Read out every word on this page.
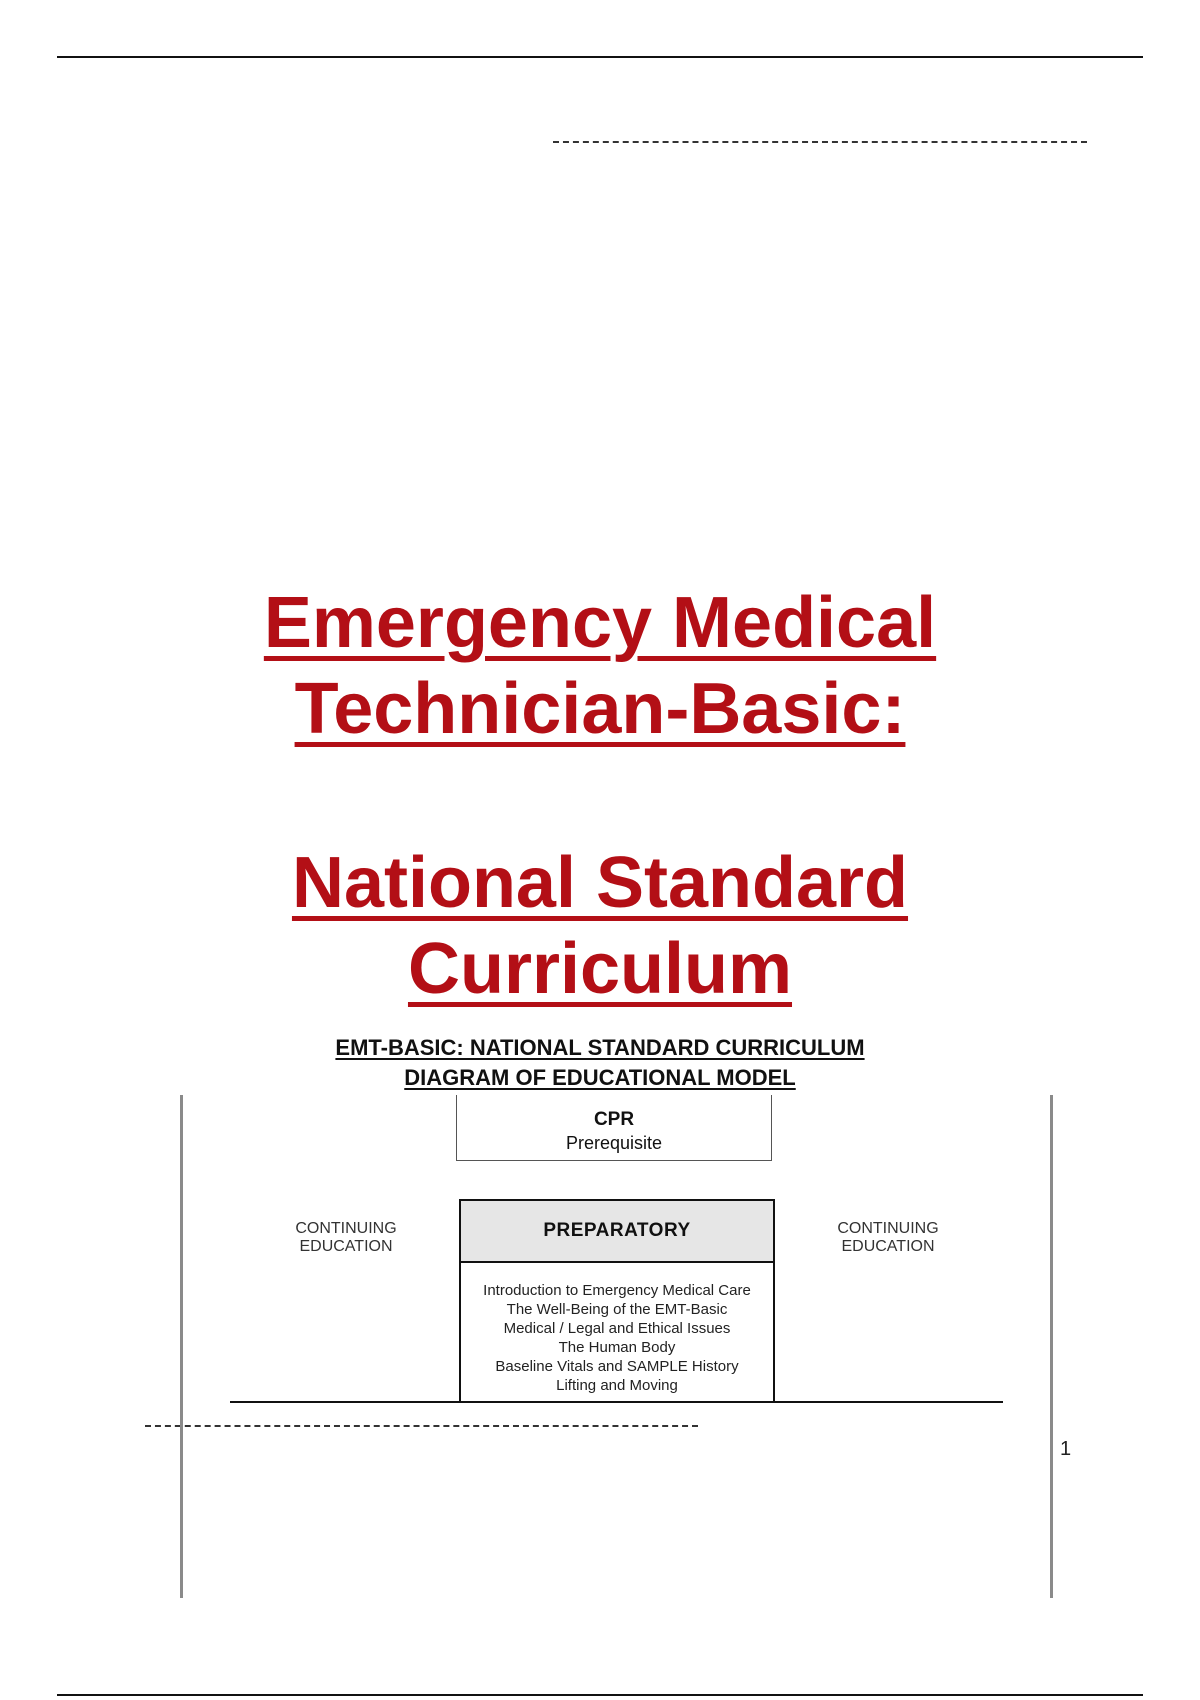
Emergency Medical
Technician-Basic:
National Standard
Curriculum
EMT-BASIC: NATIONAL STANDARD CURRICULUM
DIAGRAM OF EDUCATIONAL MODEL
CPR
Prerequisite
CONTINUING
EDUCATION
CONTINUING
EDUCATION
PREPARATORY
Introduction to Emergency Medical Care
The Well-Being of the EMT-Basic
Medical / Legal and Ethical Issues
The Human Body
Baseline Vitals and SAMPLE History
Lifting and Moving
1
